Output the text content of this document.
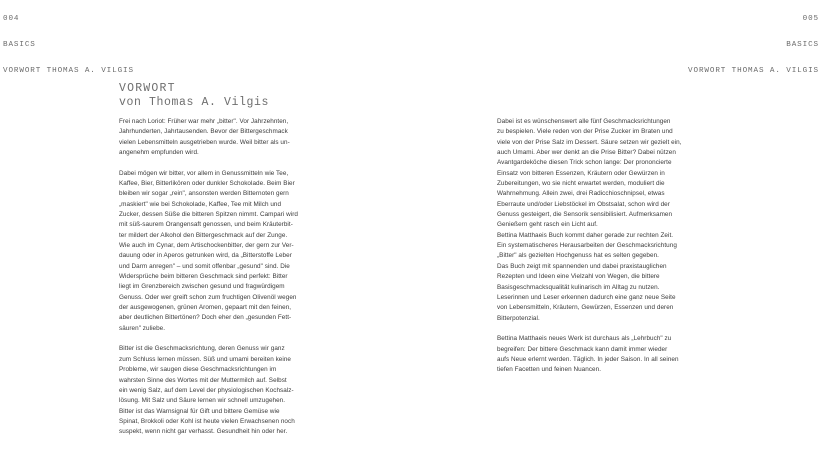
004

BASICS

VORWORT THOMAS A. VILGIS

005

BASICS

VORWORT THOMAS A. VILGIS

VORWORT
von Thomas A. Vilgis

Frei nach Loriot: Früher war mehr „bitter". Vor Jahrzehnten,
Jahrhunderten, Jahrtausenden. Bevor der Bittergeschmack
vielen Lebensmitteln ausgetrieben wurde. Weil bitter als un-
angenehm empfunden wird.

Dabei mögen wir bitter, vor allem in Genussmitteln wie Tee,
Kaffee, Bier, Bitterlikören oder dunkler Schokolade. Beim Bier
bleiben wir sogar „rein", ansonsten werden Bitternoten gern
„maskiert" wie bei Schokolade, Kaffee, Tee mit Milch und
Zucker, dessen Süße die bitteren Spitzen nimmt. Campari wird
mit süß-saurem Orangensaft genossen, und beim Kräuterbit-
ter mildert der Alkohol den Bittergeschmack auf der Zunge.
Wie auch im Cynar, dem Artischockenbitter, der gern zur Ver-
dauung oder in Aperos getrunken wird, da „Bitterstoffe Leber
und Darm anregen" – und somit offenbar „gesund" sind. Die
Widersprüche beim bitteren Geschmack sind perfekt: Bitter
liegt im Grenzbereich zwischen gesund und fragwürdigem
Genuss. Oder wer greift schon zum fruchtigen Olivenöl wegen
der ausgewogenen, grünen Aromen, gepaart mit den feinen,
aber deutlichen Bittertönen? Doch eher den „gesunden Fett-
säuren" zuliebe.

Bitter ist die Geschmacksrichtung, deren Genuss wir ganz
zum Schluss lernen müssen. Süß und umami bereiten keine
Probleme, wir saugen diese Geschmacksrichtungen im
wahrsten Sinne des Wortes mit der Muttermilch auf. Selbst
ein wenig Salz, auf dem Level der physiologischen Kochsalz-
lösung. Mit Salz und Säure lernen wir schnell umzugehen.
Bitter ist das Warnsignal für Gift und bittere Gemüse wie
Spinat, Brokkoli oder Kohl ist heute vielen Erwachsenen noch
suspekt, wenn nicht gar verhasst. Gesundheit hin oder her.

Dabei ist es wünschenswert alle fünf Geschmacksrichtungen
zu bespielen. Viele reden von der Prise Zucker im Braten und
viele von der Prise Salz im Dessert. Säure setzen wir gezielt ein,
auch Umami. Aber wer denkt an die Prise Bitter? Dabei nützen
Avantgardeköche diesen Trick schon lange: Der prononcierte
Einsatz von bitteren Essenzen, Kräutern oder Gewürzen in
Zubereitungen, wo sie nicht erwartet werden, moduliert die
Wahrnehmung. Allein zwei, drei Radicchioschnipsel, etwas
Eberraute und/oder Liebstöckel im Obstsalat, schon wird der
Genuss gesteigert, die Sensorik sensibilisiert. Aufmerksamen
Genießern geht rasch ein Licht auf.
Bettina Matthaeis Buch kommt daher gerade zur rechten Zeit.
Ein systematischeres Herausarbeiten der Geschmacksrichtung
„Bitter" als gezielten Hochgenuss hat es selten gegeben.
Das Buch zeigt mit spannenden und dabei praxistauglichen
Rezepten und Ideen eine Vielzahl von Wegen, die bittere
Basisgeschmacksqualität kulinarisch im Alltag zu nutzen.
Leserinnen und Leser erkennen dadurch eine ganz neue Seite
von Lebensmitteln, Kräutern, Gewürzen, Essenzen und deren
Bitterpotenzial.

Bettina Matthaeis neues Werk ist durchaus als „Lehrbuch" zu
begreifen: Der bittere Geschmack kann damit immer wieder
aufs Neue erlernt werden. Täglich. In jeder Saison. In all seinen
tiefen Facetten und feinen Nuancen.
